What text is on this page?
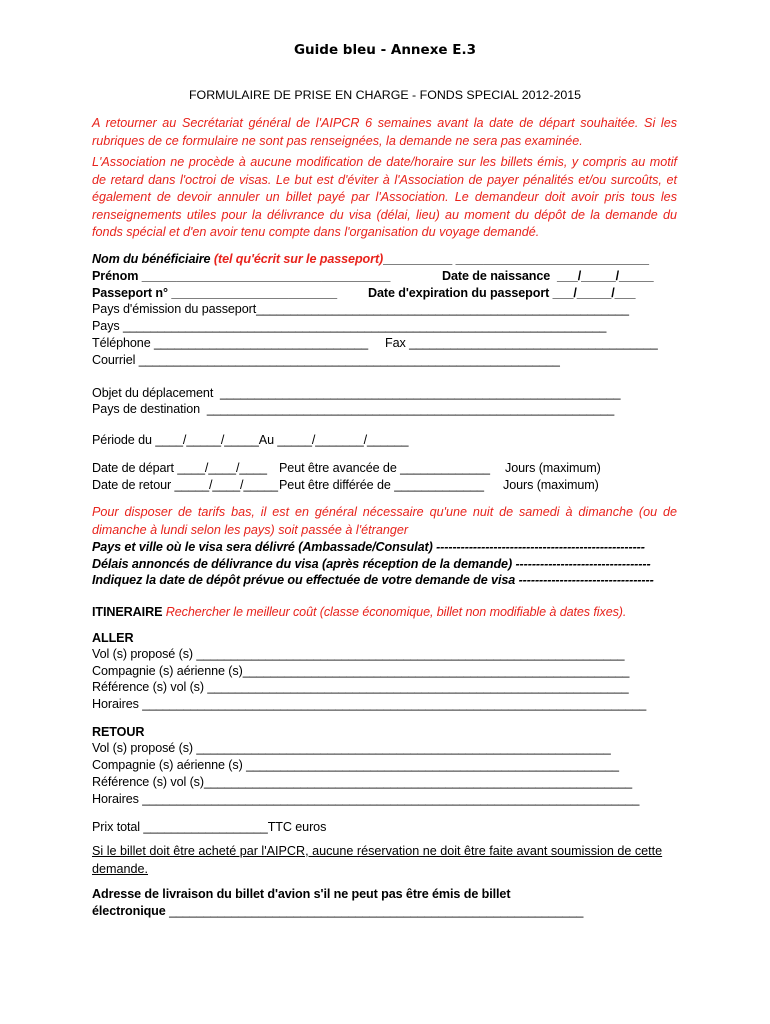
Guide bleu - Annexe E.3
FORMULAIRE DE PRISE EN CHARGE - FONDS SPECIAL 2012-2015
A retourner au Secrétariat général de l'AIPCR 6 semaines avant la date de départ souhaitée. Si les rubriques de ce formulaire ne sont pas renseignées, la demande ne sera pas examinée.
L'Association ne procède à aucune modification de date/horaire sur les billets émis, y compris au motif de retard dans l'octroi de visas. Le but est d'éviter à l'Association de payer pénalités et/ou surcoûts, et également de devoir annuler un billet payé par l'Association. Le demandeur doit avoir pris tous les renseignements utiles pour la délivrance du visa (délai, lieu) au moment du dépôt de la demande du fonds spécial et d'en avoir tenu compte dans l'organisation du voyage demandé.
Nom du bénéficiaire (tel qu'écrit sur le passeport)__________ ____________________________
Prénom ____________________________________	Date de naissance  ___/_____/_____
Passeport n° ________________________ Date d'expiration du passeport ___/_____/___
Pays d'émission du passeport______________________________________________________
Pays ______________________________________________________________________
Téléphone _______________________________ Fax ____________________________________
Courriel _____________________________________________________________
Objet du déplacement  __________________________________________________________
Pays de destination  ___________________________________________________________
Période du ____/_____/_____Au _____/_______/______
Date de départ ____/____/____ Peut être avancée de _____________ Jours (maximum)
Date de retour _____/____/_____ Peut être différée de _____________ Jours (maximum)
Pour disposer de tarifs bas, il est en général nécessaire qu'une nuit de samedi à dimanche (ou de dimanche à lundi selon les pays) soit passée à l'étranger
Pays et ville où le visa sera délivré (Ambassade/Consulat) ---------------------------------------------------
Délais annoncés de délivrance du visa (après réception de la demande) ---------------------------------
Indiquez la date de dépôt prévue ou effectuée de votre demande de visa ---------------------------------
ITINERAIRE Rechercher le meilleur coût (classe économique, billet non modifiable à dates fixes).
ALLER
Vol (s) proposé (s) ______________________________________________________________
Compagnie (s) aérienne (s)________________________________________________________
Référence (s) vol (s) _____________________________________________________________
Horaires _________________________________________________________________________
RETOUR
Vol (s) proposé (s) ____________________________________________________________
Compagnie (s) aérienne (s) ______________________________________________________
Référence (s) vol (s)______________________________________________________________
Horaires ________________________________________________________________________
Prix total __________________TTC euros
Si le billet doit être acheté par l'AIPCR, aucune réservation ne doit être faite avant soumission de cette demande.
Adresse de livraison du billet d'avion s'il ne peut pas être émis de billet
électronique ____________________________________________________________
